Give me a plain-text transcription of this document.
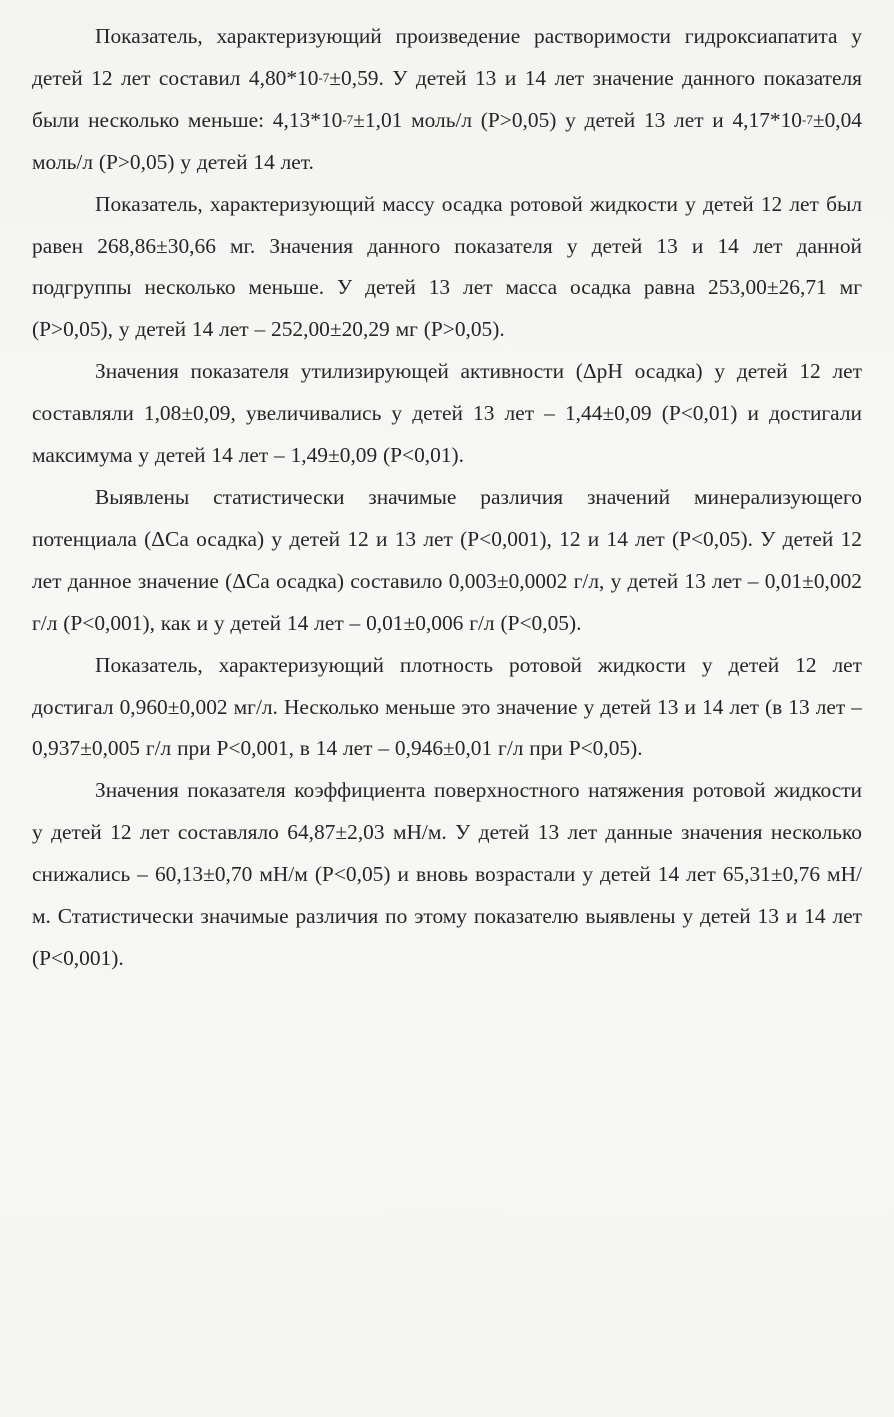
Показатель, характеризующий произведение растворимости гидроксиапатита у детей 12 лет составил $4,80*10^{-7}\pm 0,59$. У детей 13 и 14 лет значение данного показателя были несколько меньше: $4,13*10^{-7}\pm 1,01$ моль/л (P>0,05) у детей 13 лет и $4,17*10^{-7}\pm 0,04$ моль/л (P>0,05) у детей 14 лет.

Показатель, характеризующий массу осадка ротовой жидкости у детей 12 лет был равен 268,86±30,66 мг. Значения данного показателя у детей 13 и 14 лет данной подгруппы несколько меньше. У детей 13 лет масса осадка равна 253,00±26,71 мг (P>0,05), у детей 14 лет – 252,00±20,29 мг (P>0,05).

Значения показателя утилизирующей активности (ΔpH осадка) у детей 12 лет составляли 1,08±0,09, увеличивались у детей 13 лет – 1,44±0,09 (P<0,01) и достигали максимума у детей 14 лет – 1,49±0,09 (P<0,01).

Выявлены статистически значимые различия значений минерализующего потенциала (ΔCa осадка) у детей 12 и 13 лет (P<0,001), 12 и 14 лет (P<0,05). У детей 12 лет данное значение (ΔCa осадка) составило 0,003±0,0002 г/л, у детей 13 лет – 0,01±0,002 г/л (P<0,001), как и у детей 14 лет – 0,01±0,006 г/л (P<0,05).

Показатель, характеризующий плотность ротовой жидкости у детей 12 лет достигал 0,960±0,002 мг/л. Несколько меньше это значение у детей 13 и 14 лет (в 13 лет – 0,937±0,005 г/л при P<0,001, в 14 лет – 0,946±0,01 г/л при P<0,05).

Значения показателя коэффициента поверхностного натяжения ротовой жидкости у детей 12 лет составляло 64,87±2,03 мН/м. У детей 13 лет данные значения несколько снижались – 60,13±0,70 мН/м (P<0,05) и вновь возрастали у детей 14 лет 65,31±0,76 мН/м. Статистически значимые различия по этому показателю выявлены у детей 13 и 14 лет (P<0,001).
